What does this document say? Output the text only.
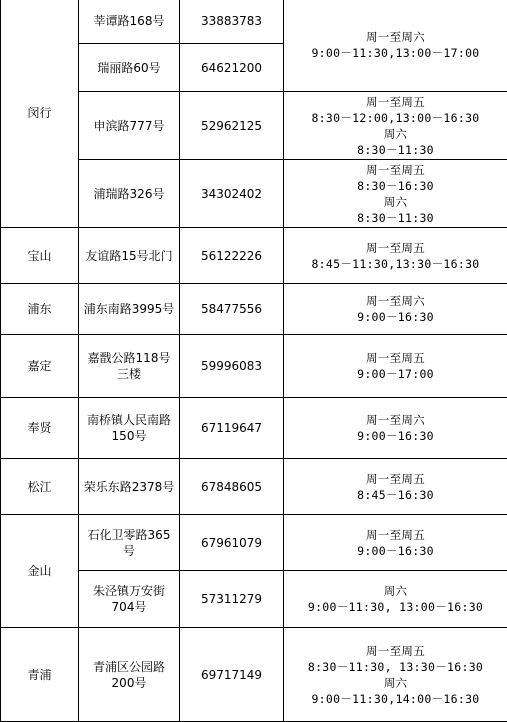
闵行	莘谭路168号	33883783	周一至周六
9:00－11:30,13:00－17:00

	瑞丽路60号	64621200	

	申滨路777号	52962125	周一至周五
8:30－12:00,13:00－16:30
周六
8:30－11:30

	浦瑞路326号	34302402	周一至周五
8:30－16:30
周六
8:30－11:30

宝山	友谊路15号北门	56122226	周一至周五
8:45－11:30,13:30－16:30

浦东	浦东南路3995号	58477556	周一至周六
9:00－16:30

嘉定	嘉戬公路118号
三楼	59996083	周一至周五
9:00－17:00

奉贤	南桥镇人民南路
150号	67119647	周一至周六
9:00－16:30

松江	荣乐东路2378号	67848605	周一至周五
8:45－16:30

金山	石化卫零路365
号	67961079	周一至周五
9:00－16:30

	朱泾镇万安街
704号	57311279	周六
9:00－11:30, 13:00－16:30

青浦	青浦区公园路
200号	69717149	周一至周五
8:30－11:30, 13:30－16:30
周六
9:00－11:30,14:00－16:30
